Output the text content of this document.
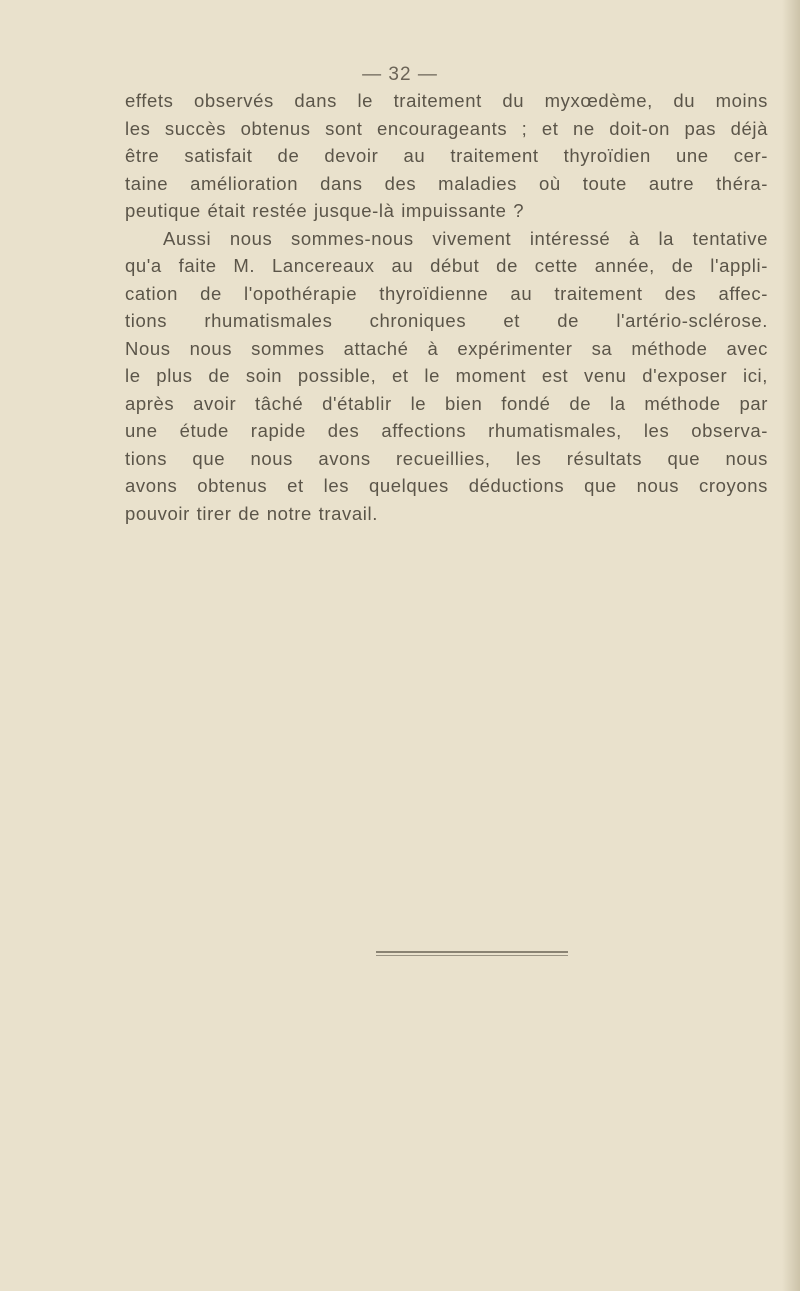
— 32 —
effets observés dans le traitement du myxœdème, du moins
les succès obtenus sont encourageants ; et ne doit-on pas déjà
être satisfait de devoir au traitement thyroïdien une cer-
taine amélioration dans des maladies où toute autre théra-
peutique était restée jusque-là impuissante ?
Aussi nous sommes-nous vivement intéressé à la tentative
qu'a faite M. Lancereaux au début de cette année, de l'appli-
cation de l'opothérapie thyroïdienne au traitement des affec-
tions rhumatismales chroniques et de l'artério-sclérose.
Nous nous sommes attaché à expérimenter sa méthode avec
le plus de soin possible, et le moment est venu d'exposer ici,
après avoir tâché d'établir le bien fondé de la méthode par
une étude rapide des affections rhumatismales, les observa-
tions que nous avons recueillies, les résultats que nous
avons obtenus et les quelques déductions que nous croyons
pouvoir tirer de notre travail.
